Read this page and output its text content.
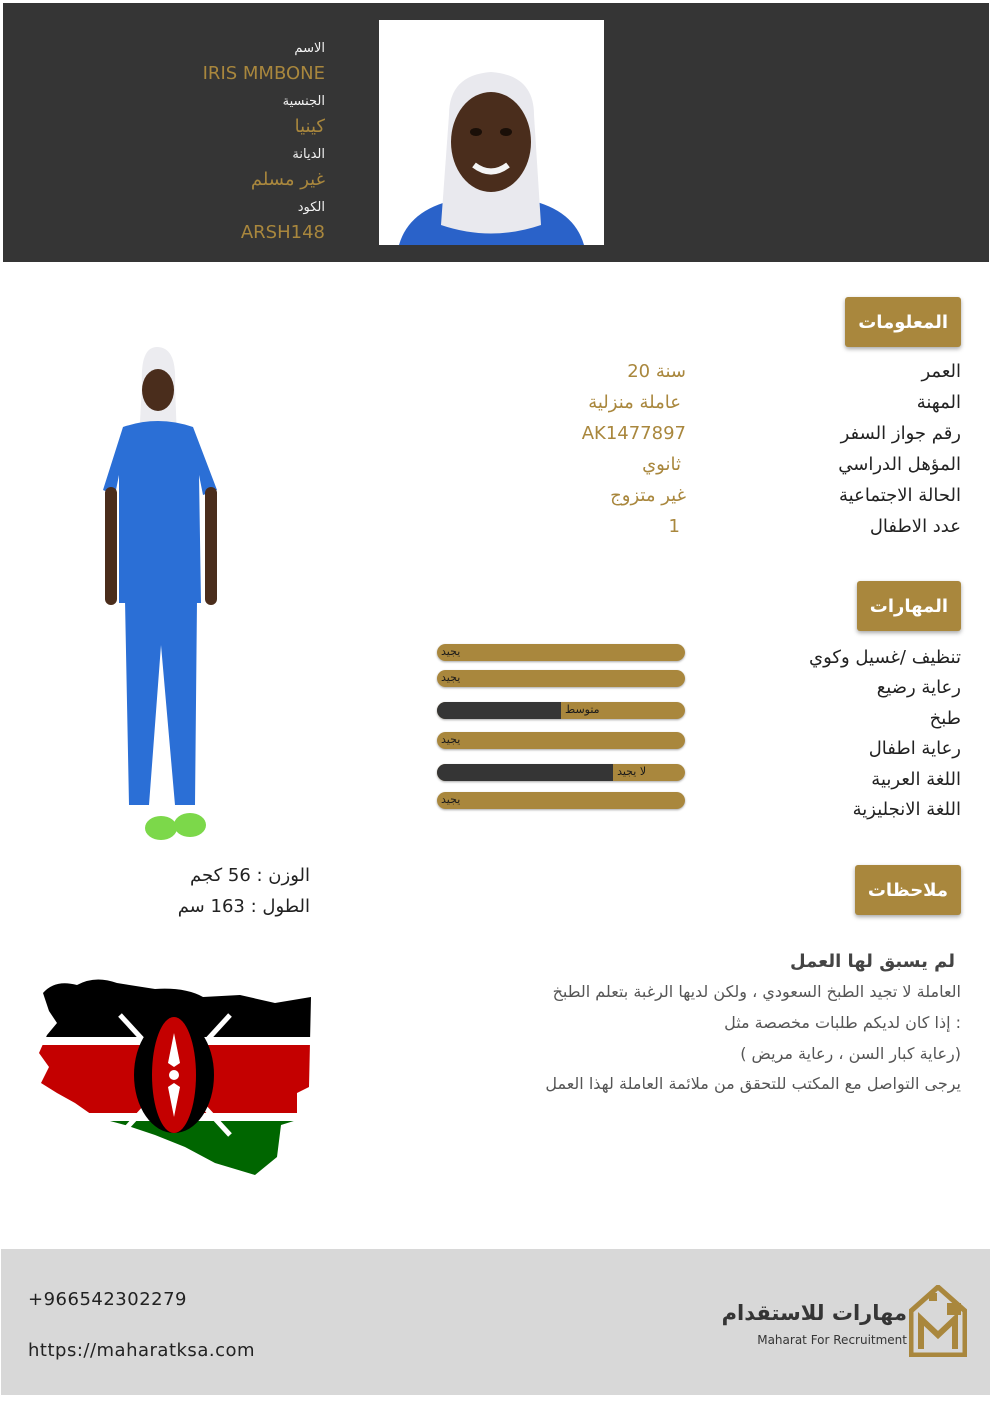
الاسم
IRIS MMBONE
الجنسية
كينيا
الديانة
غير مسلم
الكود
ARSH148
المعلومات
العمر
20 سنة
المهنة
عاملة منزلية
رقم جواز السفر
AK1477897
المؤهل الدراسي
ثانوي
الحالة الاجتماعية
غير متزوج
عدد الاطفال
1
المهارات
تنظيف /غسيل وكوي
رعاية رضيع
طبخ
رعاية اطفال
اللغة العربية
اللغة الانجليزية
يجيد
يجيد
متوسط
يجيد
لا يجيد
يجيد
الوزن : 56 كجم
الطول : 163 سم
ملاحظات
لم يسبق لها العمل
العاملة لا تجيد الطبخ السعودي ، ولكن لديها الرغبة بتعلم الطبخ
إذا كان لديكم طلبات مخصصة مثل :
( رعاية كبار السن ، رعاية مريض)
يرجى التواصل مع المكتب للتحقق من ملائمة العاملة لهذا العمل
+966542302279
https://maharatksa.com
مهارات للاستقدام
Maharat For Recruitment
